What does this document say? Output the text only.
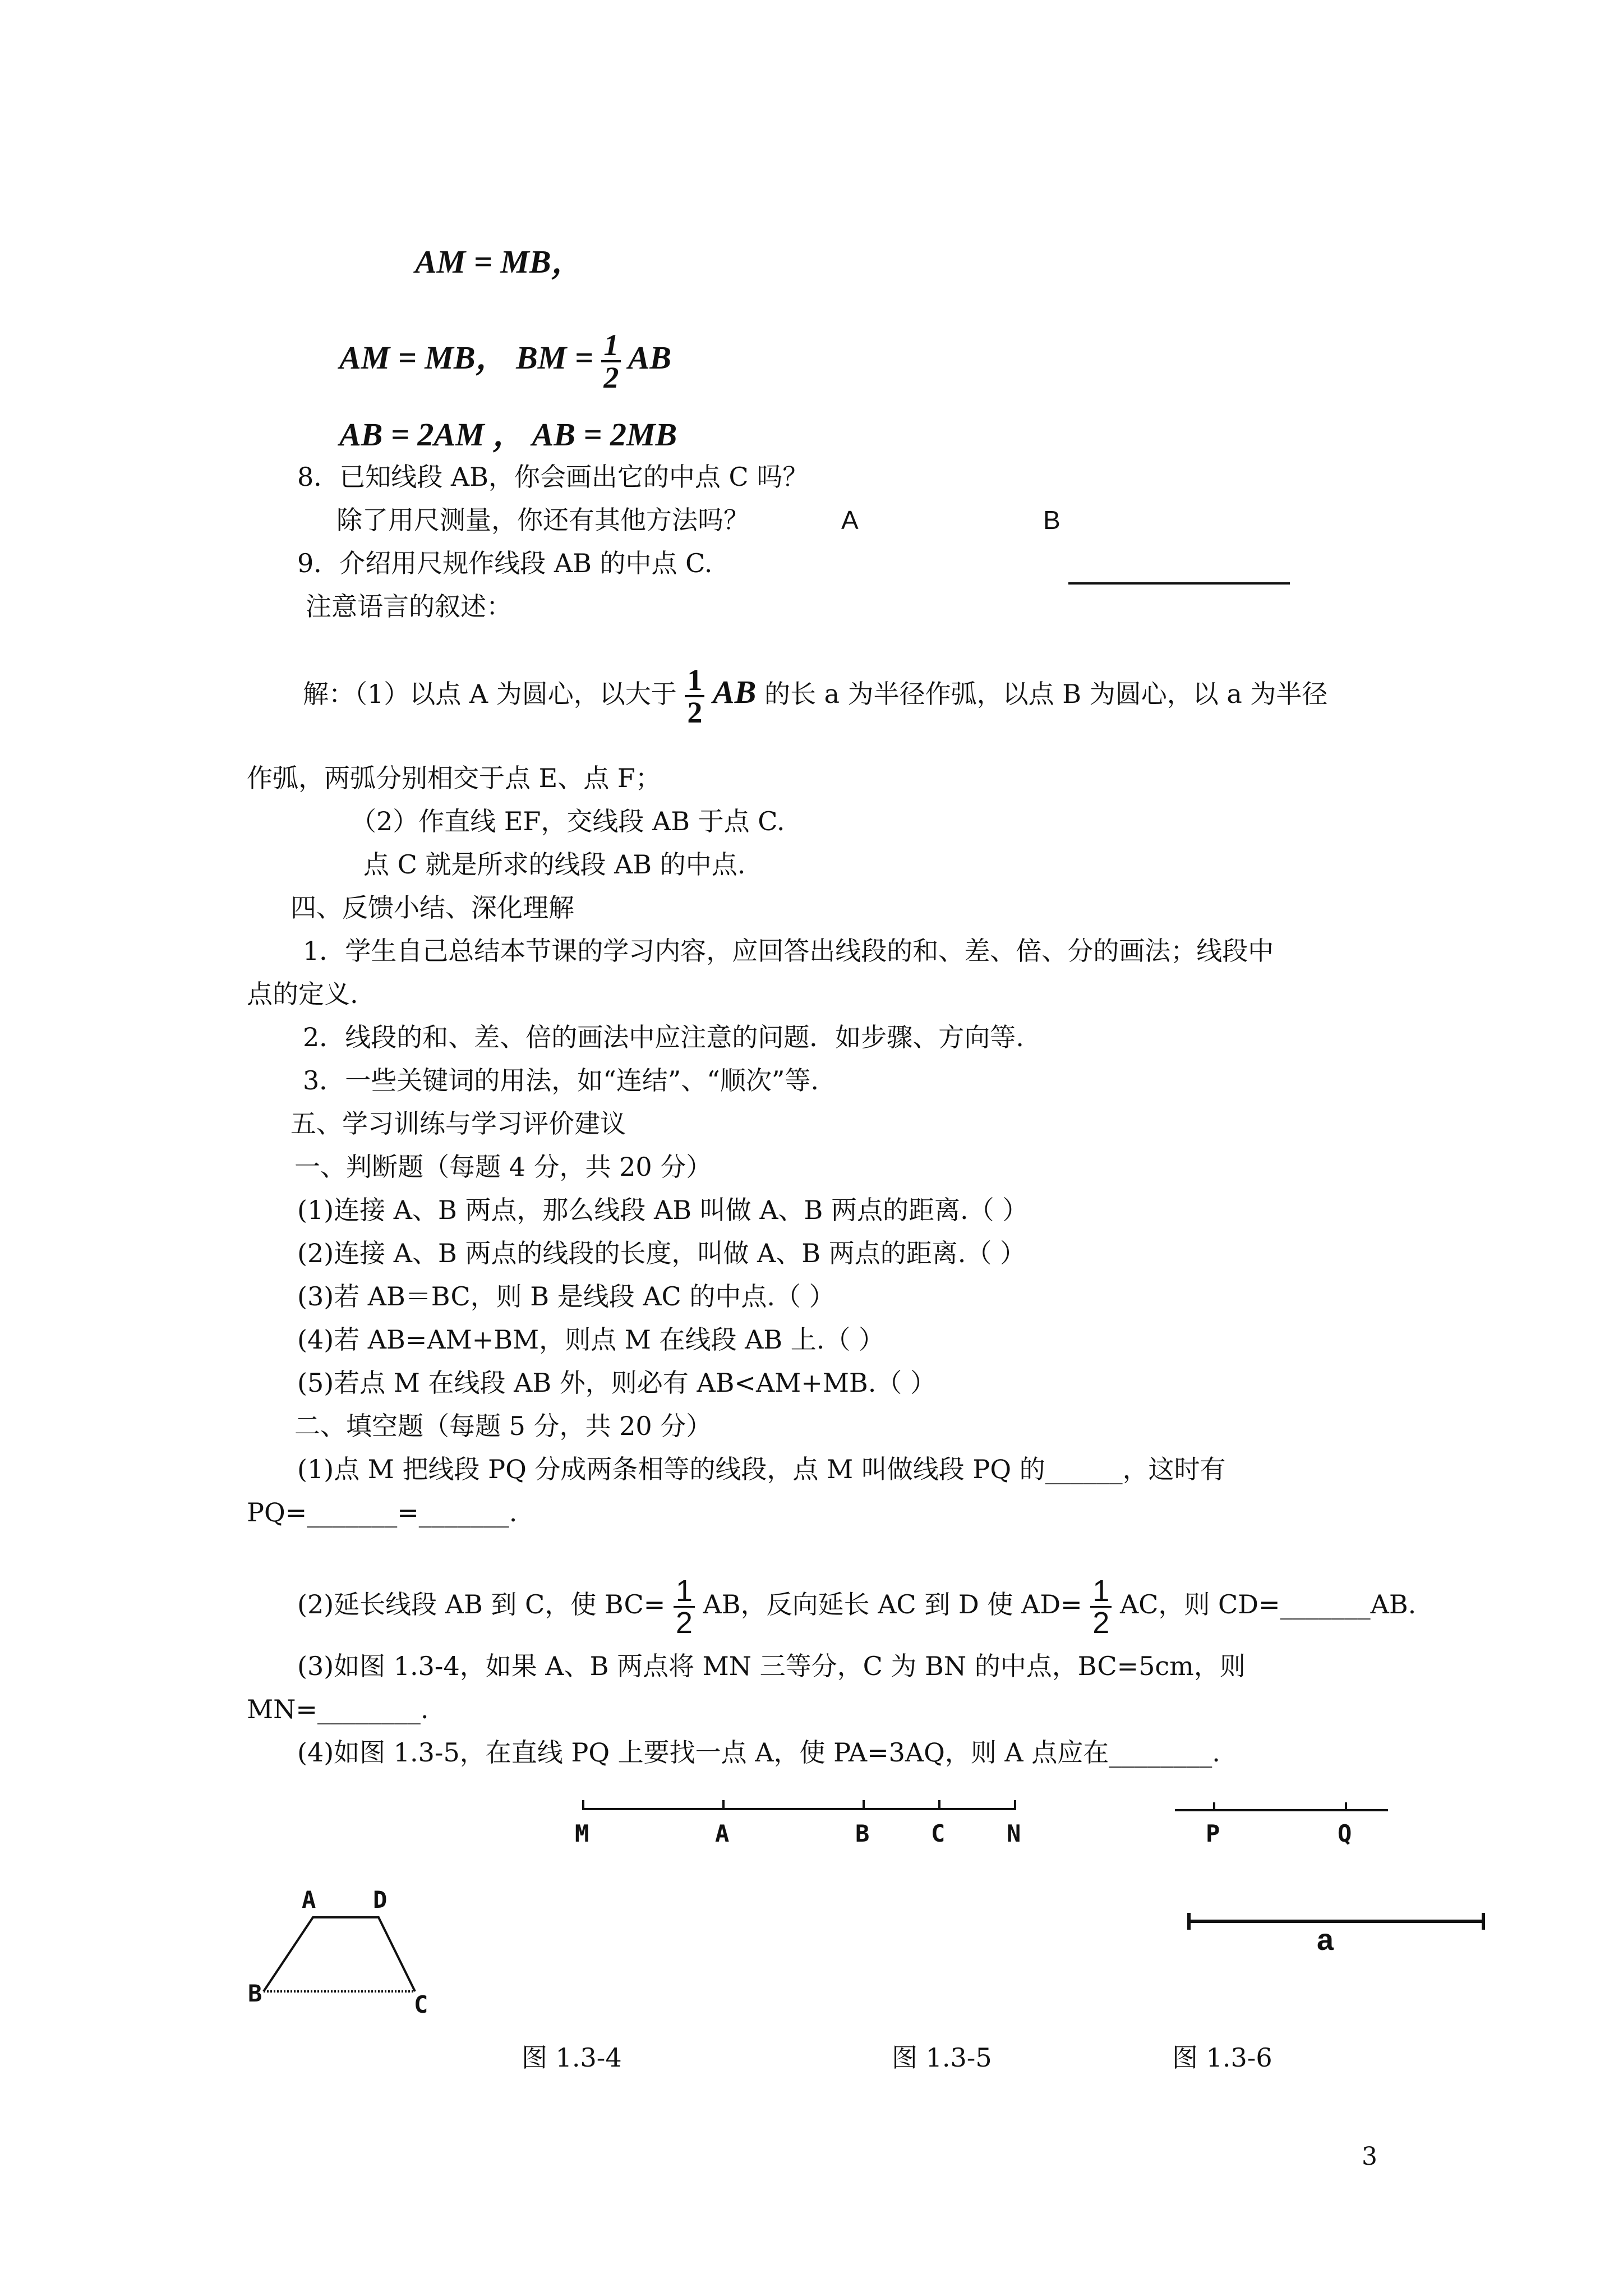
AM = MB，
AM = MB， BM = $\frac{1}{2}$ AB
AB = 2AM ， AB = 2MB
8．已知线段 AB，你会画出它的中点 C 吗？
除了用尺测量，你还有其他方法吗？	A	B
9．介绍用尺规作线段 AB 的中点 C.
注意语言的叙述：
解：（1）以点 A 为圆心，以大于 $\frac{1}{2}$ AB 的长 a 为半径作弧，以点 B 为圆心，以 a 为半径
作弧，两弧分别相交于点 E、点 F；
（2）作直线 EF，交线段 AB 于点 C.
点 C 就是所求的线段 AB 的中点.
四、反馈小结、深化理解
1．学生自己总结本节课的学习内容，应回答出线段的和、差、倍、分的画法；线段中
点的定义.
2．线段的和、差、倍的画法中应注意的问题．如步骤、方向等.
3．一些关键词的用法，如“连结”、“顺次”等.
五、学习训练与学习评价建议
一、判断题（每题 4 分，共 20 分）
(1)连接 A、B 两点，那么线段 AB 叫做 A、B 两点的距离.（ ）
(2)连接 A、B 两点的线段的长度，叫做 A、B 两点的距离.（ ）
(3)若 AB＝BC，则 B 是线段 AC 的中点.（ ）
(4)若 AB=AM+BM，则点 M 在线段 AB 上.（ ）
(5)若点 M 在线段 AB 外，则必有 AB<AM+MB.（ ）
二、填空题（每题 5 分，共 20 分）
(1)点 M 把线段 PQ 分成两条相等的线段，点 M 叫做线段 PQ 的______，这时有
PQ=_______=_______.
(2)延长线段 AB 到 C，使 $BC= \frac{1}{2}$ AB，反向延长 AC 到 D 使 $AD= \frac{1}{2}$ AC，则 CD=_______AB.
(3)如图 1.3-4，如果 A、B 两点将 MN 三等分，C 为 BN 的中点，BC=5cm，则
MN=________.
(4)如图 1.3-5，在直线 PQ 上要找一点 A，使 PA=3AQ，则 A 点应在________.
M	A	B	C	N	P	Q
A D
B	C
a
图 1.3-4	图 1.3-5	图 1.3-6
3
